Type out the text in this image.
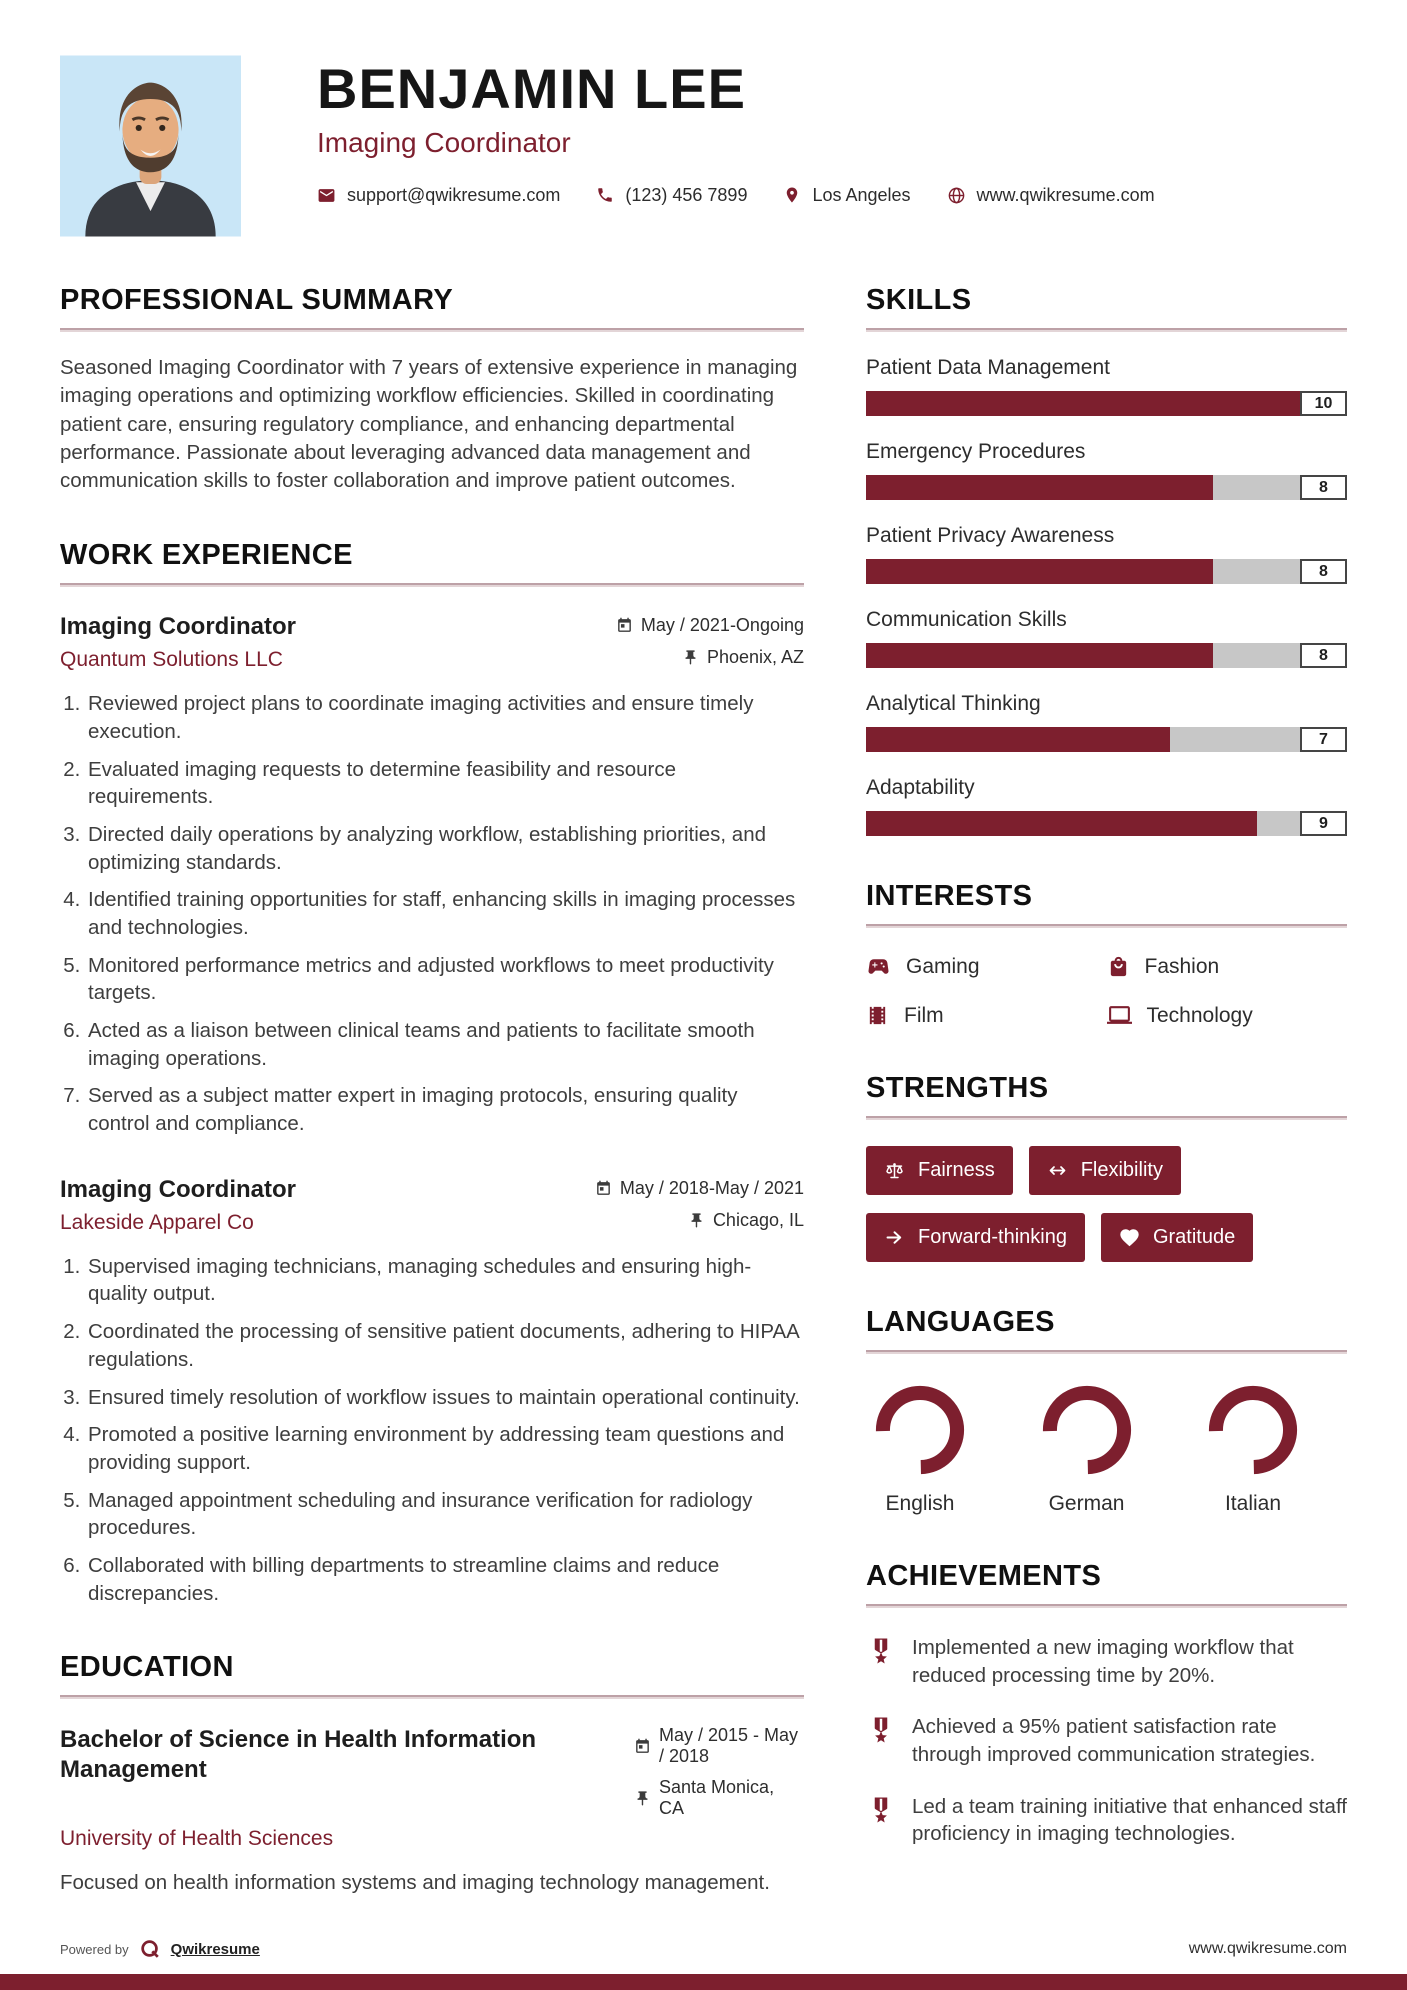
BENJAMIN LEE
Imaging Coordinator
support@qwikresume.com	(123) 456 7899	Los Angeles	www.qwikresume.com
PROFESSIONAL SUMMARY

Seasoned Imaging Coordinator with 7 years of extensive experience in managing imaging operations and optimizing workflow efficiencies. Skilled in coordinating patient care, ensuring regulatory compliance, and enhancing departmental performance. Passionate about leveraging advanced data management and communication skills to foster collaboration and improve patient outcomes.

WORK EXPERIENCE
Imaging Coordinator	May / 2021-Ongoing
Quantum Solutions LLC	Phoenix, AZ
1. Reviewed project plans to coordinate imaging activities and ensure timely execution.
2. Evaluated imaging requests to determine feasibility and resource requirements.
3. Directed daily operations by analyzing workflow, establishing priorities, and optimizing standards.
4. Identified training opportunities for staff, enhancing skills in imaging processes and technologies.
5. Monitored performance metrics and adjusted workflows to meet productivity targets.
6. Acted as a liaison between clinical teams and patients to facilitate smooth imaging operations.
7. Served as a subject matter expert in imaging protocols, ensuring quality control and compliance.
Imaging Coordinator	May / 2018-May / 2021
Lakeside Apparel Co	Chicago, IL
1. Supervised imaging technicians, managing schedules and ensuring high-quality output.
2. Coordinated the processing of sensitive patient documents, adhering to HIPAA regulations.
3. Ensured timely resolution of workflow issues to maintain operational continuity.
4. Promoted a positive learning environment by addressing team questions and providing support.
5. Managed appointment scheduling and insurance verification for radiology procedures.
6. Collaborated with billing departments to streamline claims and reduce discrepancies.
EDUCATION
Bachelor of Science in Health Information Management
May / 2015 - May / 2018
Santa Monica, CA
University of Health Sciences

Focused on health information systems and imaging technology management.

SKILLS
Patient Data Management
10
Emergency Procedures
8
Patient Privacy Awareness
8
Communication Skills
8
Analytical Thinking
7
Adaptability
9
INTERESTS
Gaming	Fashion
Film	Technology
STRENGTHS
Fairness	Flexibility
Forward-thinking	Gratitude
LANGUAGES
English	German	Italian
ACHIEVEMENTS
Implemented a new imaging workflow that reduced processing time by 20%.
Achieved a 95% patient satisfaction rate through improved communication strategies.
Led a team training initiative that enhanced staff proficiency in imaging technologies.
Powered by	Qwikresume	www.qwikresume.com
